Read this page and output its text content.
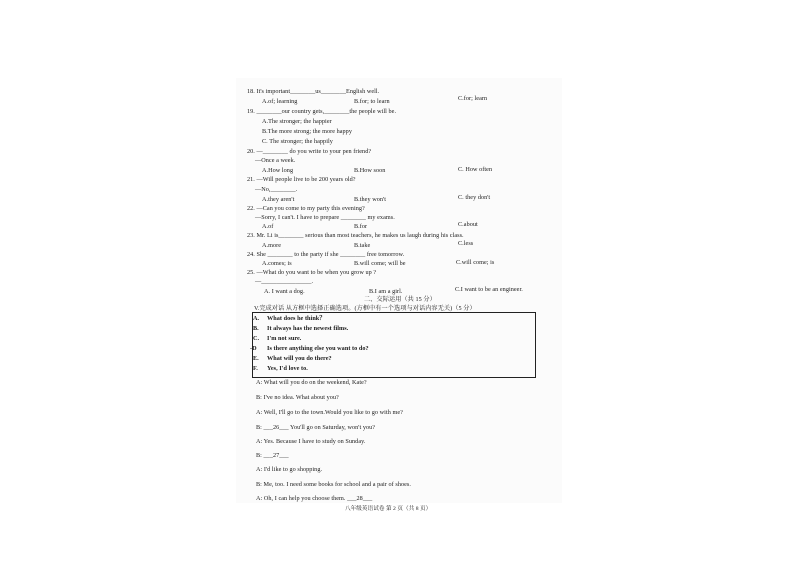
18. It's important________us________English well.
A.of; learning	B.for; to learn	C.for; learn
19. ________our country gets,________the people will be.
A.The stronger; the happier
B.The more strong; the more happy
C. The stronger; the happily
20. —________ do you write to your pen friend?
—Once a week.
A.How long	B.How soon	C. How often
21. —Will people live to be 200 years old?
—No,________.
A.they aren't	B.they won't	C. they don't
22. —Can you come to my party this evening?
—Sorry, I can't. I have to prepare ________ my exams.
A.of	B.for	C.about
23. Mr. Li is________ serious than most teachers, he makes us laugh during his class.
A.more	B.take	C.less
24. She ________ to the party if she ________ free tomorrow.
A.comes; is	B.will come; will be	C.will come; is
25. —What do you want to be when you grow up ?
—________________.
A. I want a dog.	B.I am a girl.	C.I want to be an engineer.
二、交际运用（共 15 分）
V.完成对话 从方框中选择正确选项。(方框中有一个选项与对话内容无关)（5 分）
A. What does he think？
B. It always has the newest films.
C. I'm not sure.
-D Is there anything else you want to do?
E. What will you do there?
F. Yes, I'd love to.
A: What will you do on the weekend, Kate?
B: I've no idea. What about you?
A: Well, I'll go to the town.Would you like to go with me?
B: ___26___ You'll go on Saturday, won't you?
A: Yes. Because I have to study on Sunday.
B: ___27___
A: I'd like to go shopping.
B: Me, too. I need some books for school and a pair of shoes.
A: Oh, I can help you choose them. ___28___
八年级英语试卷 第 2 页（共 8 页）
